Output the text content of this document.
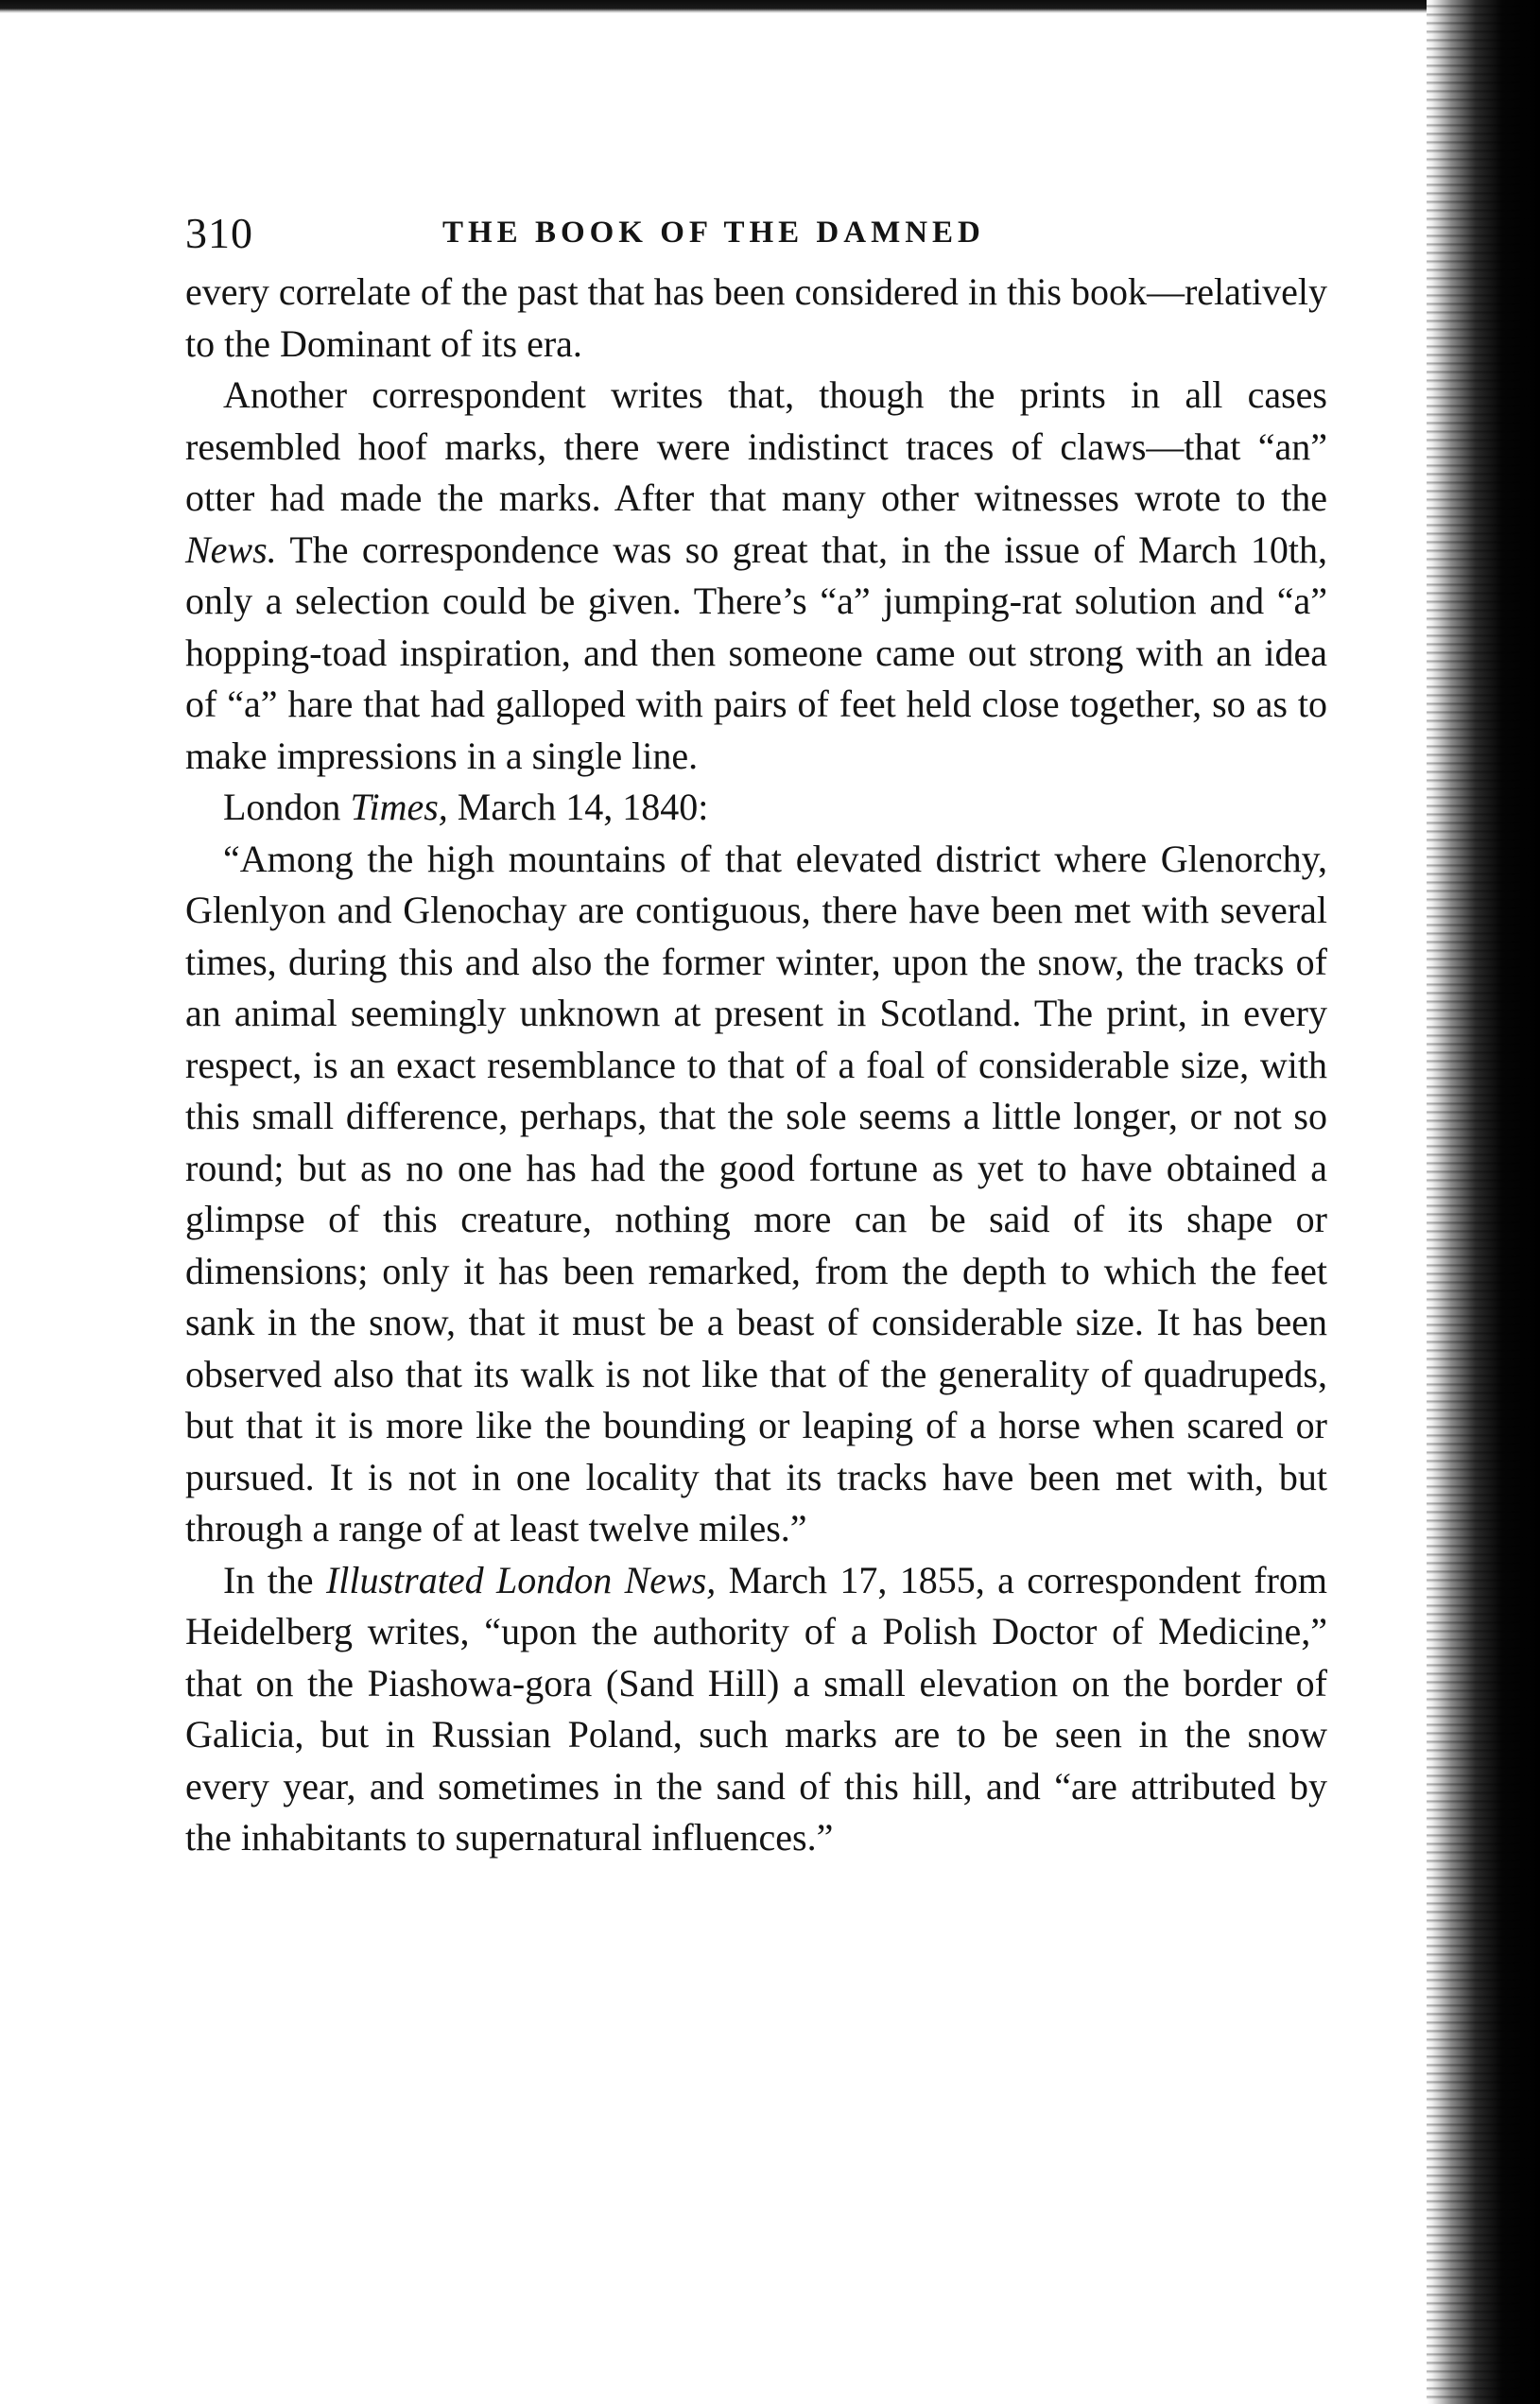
310	THE BOOK OF THE DAMNED

every correlate of the past that has been considered in this book—relatively to the Dominant of its era.

Another correspondent writes that, though the prints in all cases resembled hoof marks, there were indistinct traces of claws—that “an” otter had made the marks. After that many other witnesses wrote to the News. The correspondence was so great that, in the issue of March 10th, only a selection could be given. There’s “a” jumping-rat solution and “a” hopping-toad inspiration, and then someone came out strong with an idea of “a” hare that had galloped with pairs of feet held close together, so as to make impressions in a single line.

London Times, March 14, 1840:

“Among the high mountains of that elevated district where Glenorchy, Glenlyon and Glenochay are contiguous, there have been met with several times, during this and also the former winter, upon the snow, the tracks of an animal seemingly unknown at present in Scotland. The print, in every respect, is an exact resemblance to that of a foal of considerable size, with this small difference, perhaps, that the sole seems a little longer, or not so round; but as no one has had the good fortune as yet to have obtained a glimpse of this creature, nothing more can be said of its shape or dimensions; only it has been remarked, from the depth to which the feet sank in the snow, that it must be a beast of considerable size. It has been observed also that its walk is not like that of the generality of quadrupeds, but that it is more like the bounding or leaping of a horse when scared or pursued. It is not in one locality that its tracks have been met with, but through a range of at least twelve miles.”

In the Illustrated London News, March 17, 1855, a correspondent from Heidelberg writes, “upon the authority of a Polish Doctor of Medicine,” that on the Piashowa-gora (Sand Hill) a small elevation on the border of Galicia, but in Russian Poland, such marks are to be seen in the snow every year, and sometimes in the sand of this hill, and “are attributed by the inhabitants to supernatural influences.”
